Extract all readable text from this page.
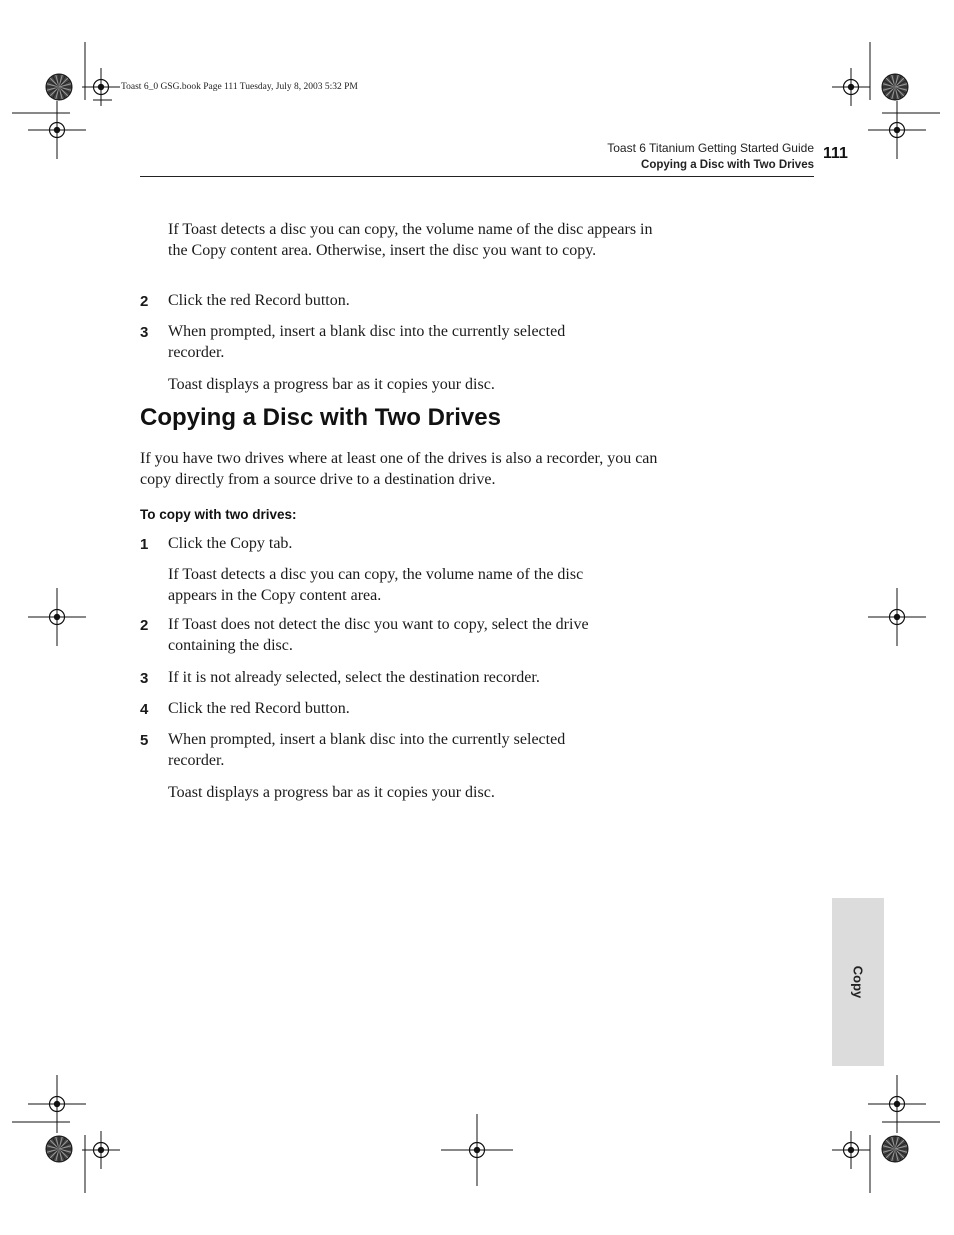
Toast 6_0 GSG.book Page 111 Tuesday, July 8, 2003 5:32 PM
Toast 6 Titanium Getting Started Guide
Copying a Disc with Two Drives
111
If Toast detects a disc you can copy, the volume name of the disc appears in the Copy content area. Otherwise, insert the disc you want to copy.
2 Click the red Record button.
3 When prompted, insert a blank disc into the currently selected recorder.
Toast displays a progress bar as it copies your disc.
Copying a Disc with Two Drives
If you have two drives where at least one of the drives is also a recorder, you can copy directly from a source drive to a destination drive.
To copy with two drives:
1 Click the Copy tab.
If Toast detects a disc you can copy, the volume name of the disc appears in the Copy content area.
2 If Toast does not detect the disc you want to copy, select the drive containing the disc.
3 If it is not already selected, select the destination recorder.
4 Click the red Record button.
5 When prompted, insert a blank disc into the currently selected recorder.
Toast displays a progress bar as it copies your disc.
Copy
